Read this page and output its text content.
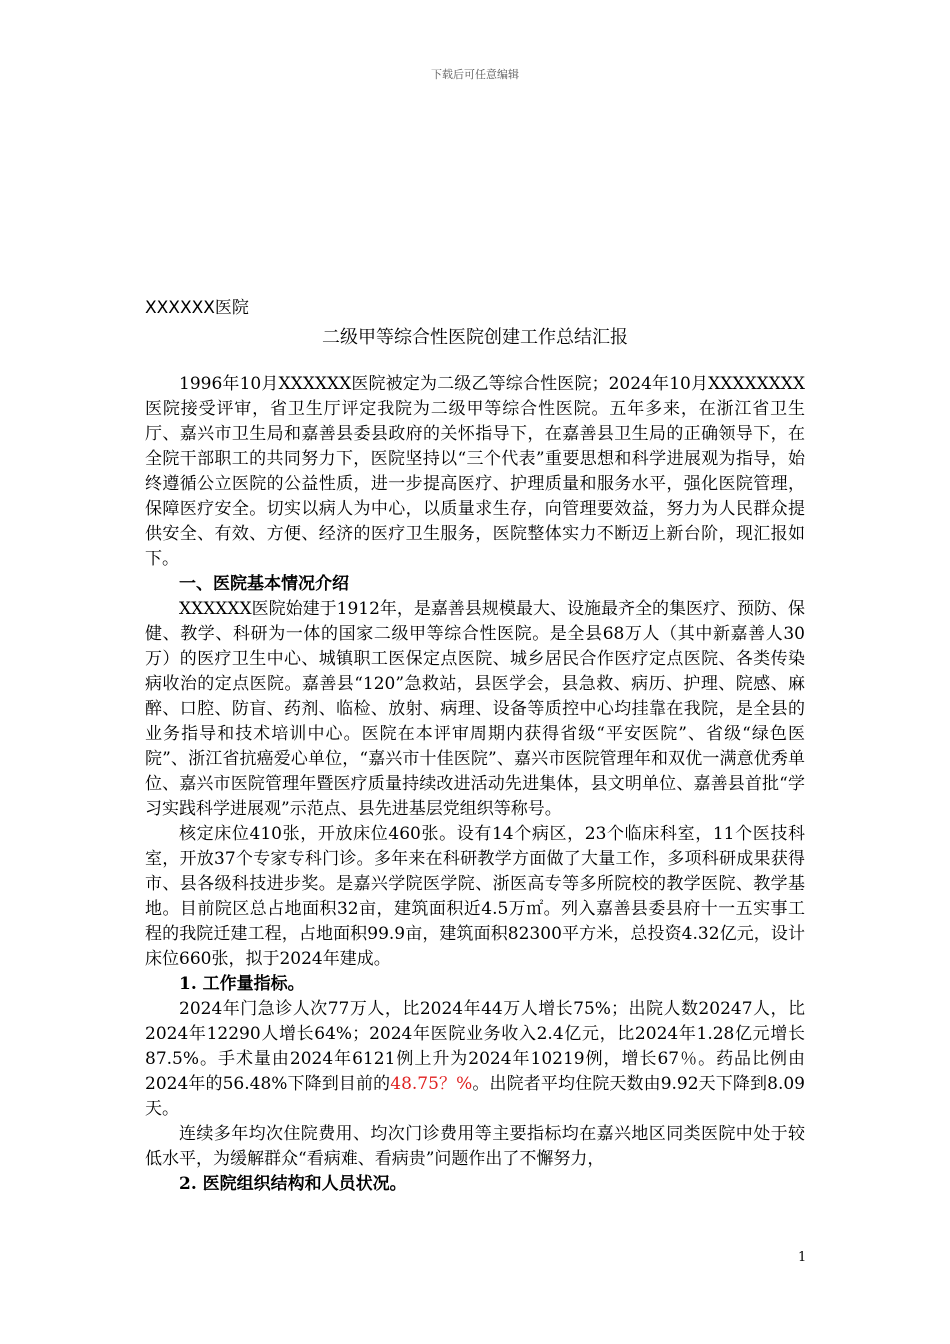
下载后可任意编辑
XXXXXX医院
二级甲等综合性医院创建工作总结汇报

1996年10月XXXXXX医院被定为二级乙等综合性医院；2024年10月XXXXXXXX医院接受评审，省卫生厅评定我院为二级甲等综合性医院。五年多来，在浙江省卫生厅、嘉兴市卫生局和嘉善县委县政府的关怀指导下，在嘉善县卫生局的正确领导下，在全院干部职工的共同努力下，医院坚持以“三个代表”重要思想和科学进展观为指导，始终遵循公立医院的公益性质，进一步提高医疗、护理质量和服务水平，强化医院管理，保障医疗安全。切实以病人为中心，以质量求生存，向管理要效益，努力为人民群众提供安全、有效、方便、经济的医疗卫生服务，医院整体实力不断迈上新台阶，现汇报如下。

一、医院基本情况介绍

XXXXXX医院始建于1912年，是嘉善县规模最大、设施最齐全的集医疗、预防、保健、教学、科研为一体的国家二级甲等综合性医院。是全县68万人（其中新嘉善人30万）的医疗卫生中心、城镇职工医保定点医院、城乡居民合作医疗定点医院、各类传染病收治的定点医院。嘉善县“120”急救站，县医学会，县急救、病历、护理、院感、麻醉、口腔、防盲、药剂、临检、放射、病理、设备等质控中心均挂靠在我院，是全县的业务指导和技术培训中心。医院在本评审周期内获得省级“平安医院”、省级“绿色医院”、浙江省抗癌爱心单位，“嘉兴市十佳医院”、嘉兴市医院管理年和双优一满意优秀单位、嘉兴市医院管理年暨医疗质量持续改进活动先进集体，县文明单位、嘉善县首批“学习实践科学进展观”示范点、县先进基层党组织等称号。

核定床位410张，开放床位460张。设有14个病区，23个临床科室，11个医技科室，开放37个专家专科门诊。多年来在科研教学方面做了大量工作，多项科研成果获得市、县各级科技进步奖。是嘉兴学院医学院、浙医高专等多所院校的教学医院、教学基地。目前院区总占地面积32亩，建筑面积近4.5万㎡。列入嘉善县委县府十一五实事工程的我院迁建工程，占地面积99.9亩，建筑面积82300平方米，总投资4.32亿元，设计床位660张，拟于2024年建成。

1. 工作量指标。

2024年门急诊人次77万人，比2024年44万人增长75%；出院人数20247人，比2024年12290人增长64%；2024年医院业务收入2.4亿元，比2024年1.28亿元增长87.5%。手术量由2024年6121例上升为2024年10219例，增长67％。药品比例由2024年的56.48%下降到目前的48.75？%。出院者平均住院天数由9.92天下降到8.09天。

连续多年均次住院费用、均次门诊费用等主要指标均在嘉兴地区同类医院中处于较低水平，为缓解群众“看病难、看病贵”问题作出了不懈努力，

2. 医院组织结构和人员状况。

1
